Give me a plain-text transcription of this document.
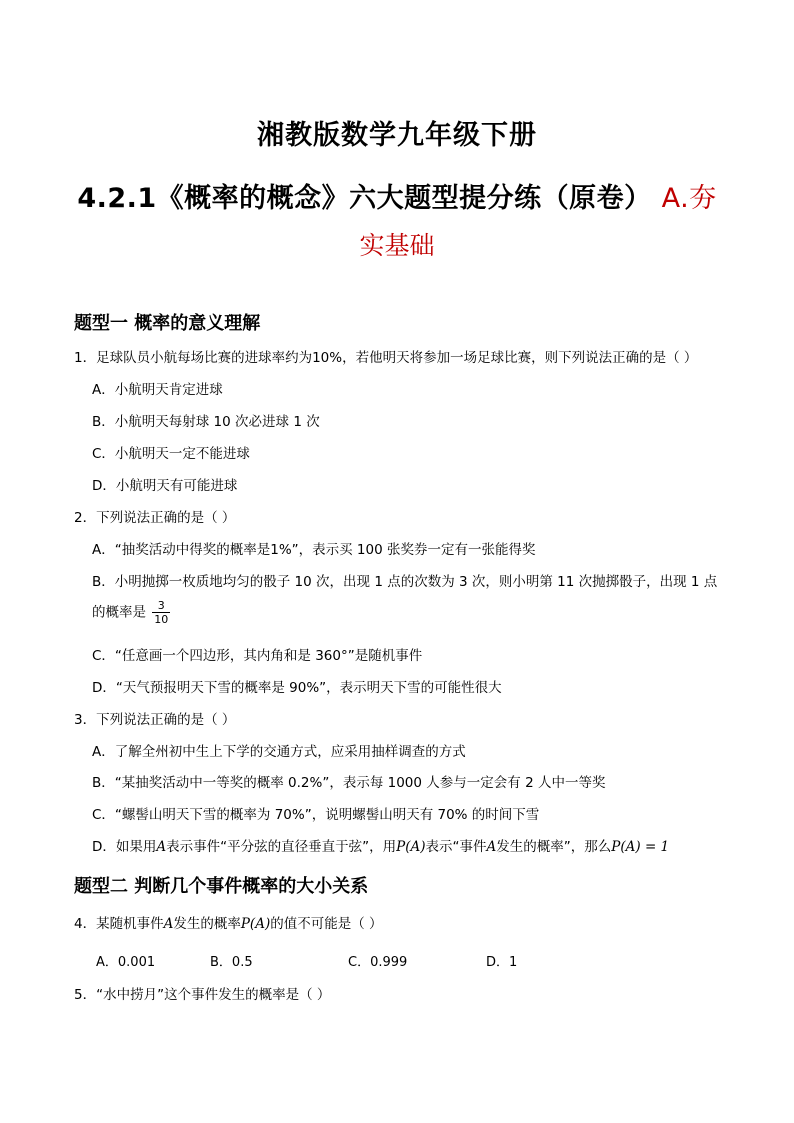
湘教版数学九年级下册
4.2.1《概率的概念》六大题型提分练（原卷） A.夯
实基础
题型一 概率的意义理解
1．足球队员小航每场比赛的进球率约为10%，若他明天将参加一场足球比赛，则下列说法正确的是（ ）
A．小航明天肯定进球
B．小航明天每射球 10 次必进球 1 次
C．小航明天一定不能进球
D．小航明天有可能进球
2．下列说法正确的是（ ）
A．“抽奖活动中得奖的概率是1%”，表示买 100 张奖券一定有一张能得奖
B．小明抛掷一枚质地均匀的骰子 10 次，出现 1 点的次数为 3 次，则小明第 11 次抛掷骰子，出现 1 点
的概率是 $\frac{3}{10}$
C．“任意画一个四边形，其内角和是 360°”是随机事件
D．“天气预报明天下雪的概率是 90%”，表示明天下雪的可能性很大
3．下列说法正确的是（ ）
A．了解全州初中生上下学的交通方式，应采用抽样调查的方式
B．“某抽奖活动中一等奖的概率 0.2%”，表示每 1000 人参与一定会有 2 人中一等奖
C．“螺髻山明天下雪的概率为 70%”，说明螺髻山明天有 70% 的时间下雪
D．如果用A表示事件“平分弦的直径垂直于弦”，用P(A)表示“事件A发生的概率”，那么P(A) = 1
题型二 判断几个事件概率的大小关系
4．某随机事件A发生的概率P(A)的值不可能是（ ）
A．0.001	B．0.5	C．0.999	D．1
5．“水中捞月”这个事件发生的概率是（ ）
